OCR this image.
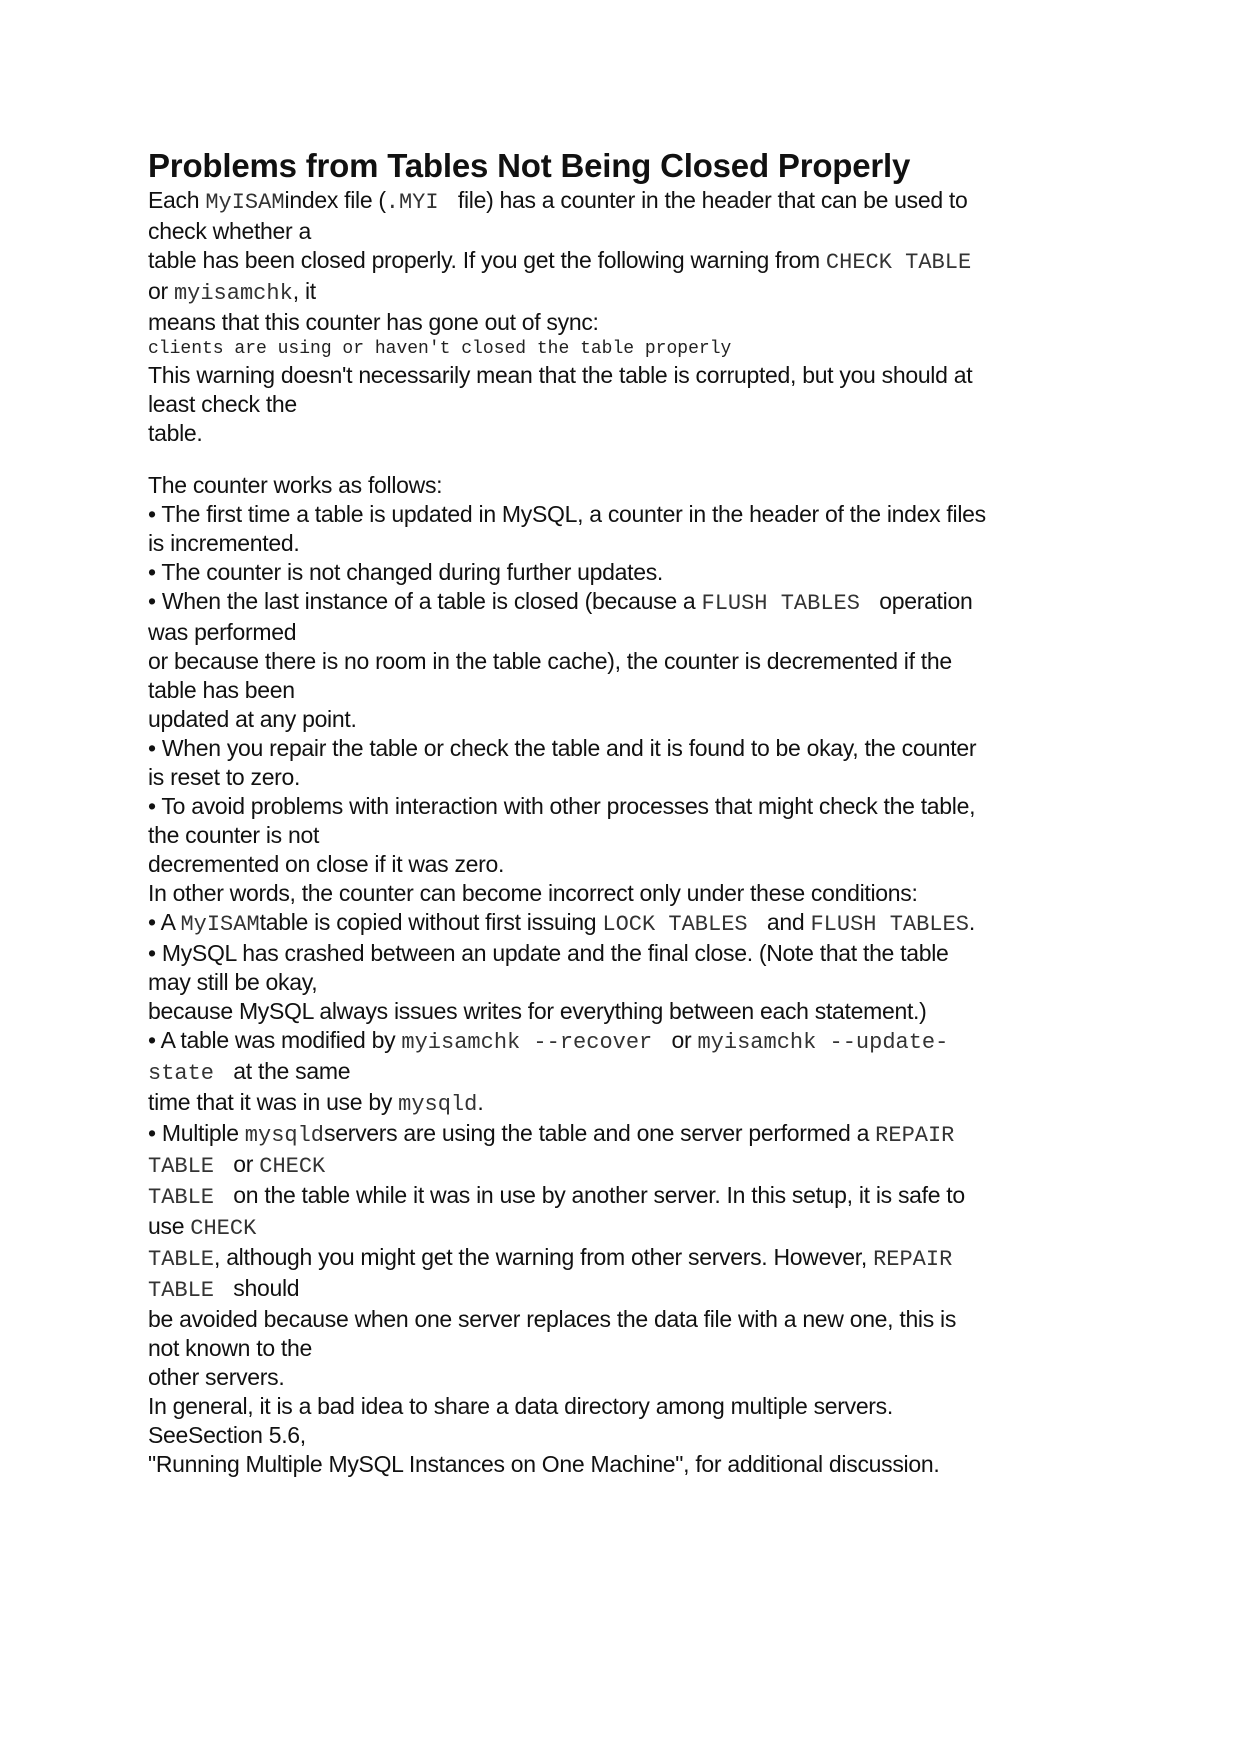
Problems from Tables Not Being Closed Properly

Each MyISAMindex file (.MYI  file) has a counter in the header that can be used to

check whether a

table has been closed properly. If you get the following warning from CHECK TABLE

or myisamchk, it

means that this counter has gone out of sync:

clients are using or haven't closed the table properly

This warning doesn't necessarily mean that the table is corrupted, but you should at

least check the

table.

The counter works as follows:

• The first time a table is updated in MySQL, a counter in the header of the index files

is incremented.

• The counter is not changed during further updates.

• When the last instance of a table is closed (because a FLUSH TABLES  operation

was performed

or because there is no room in the table cache), the counter is decremented if the

table has been

updated at any point.

• When you repair the table or check the table and it is found to be okay, the counter

is reset to zero.

• To avoid problems with interaction with other processes that might check the table,

the counter is not

decremented on close if it was zero.

In other words, the counter can become incorrect only under these conditions:

• A MyISAMtable is copied without first issuing LOCK TABLES  and FLUSH TABLES.

• MySQL has crashed between an update and the final close. (Note that the table

may still be okay,

because MySQL always issues writes for everything between each statement.)

• A table was modified by myisamchk --recover  or myisamchk --update-

state  at the same

time that it was in use by mysqld.

• Multiple mysqldservers are using the table and one server performed a REPAIR

TABLE  or CHECK

TABLE  on the table while it was in use by another server. In this setup, it is safe to

use CHECK

TABLE, although you might get the warning from other servers. However, REPAIR

TABLE  should

be avoided because when one server replaces the data file with a new one, this is

not known to the

other servers.

In general, it is a bad idea to share a data directory among multiple servers.

SeeSection 5.6,

"Running Multiple MySQL Instances on One Machine", for additional discussion.
